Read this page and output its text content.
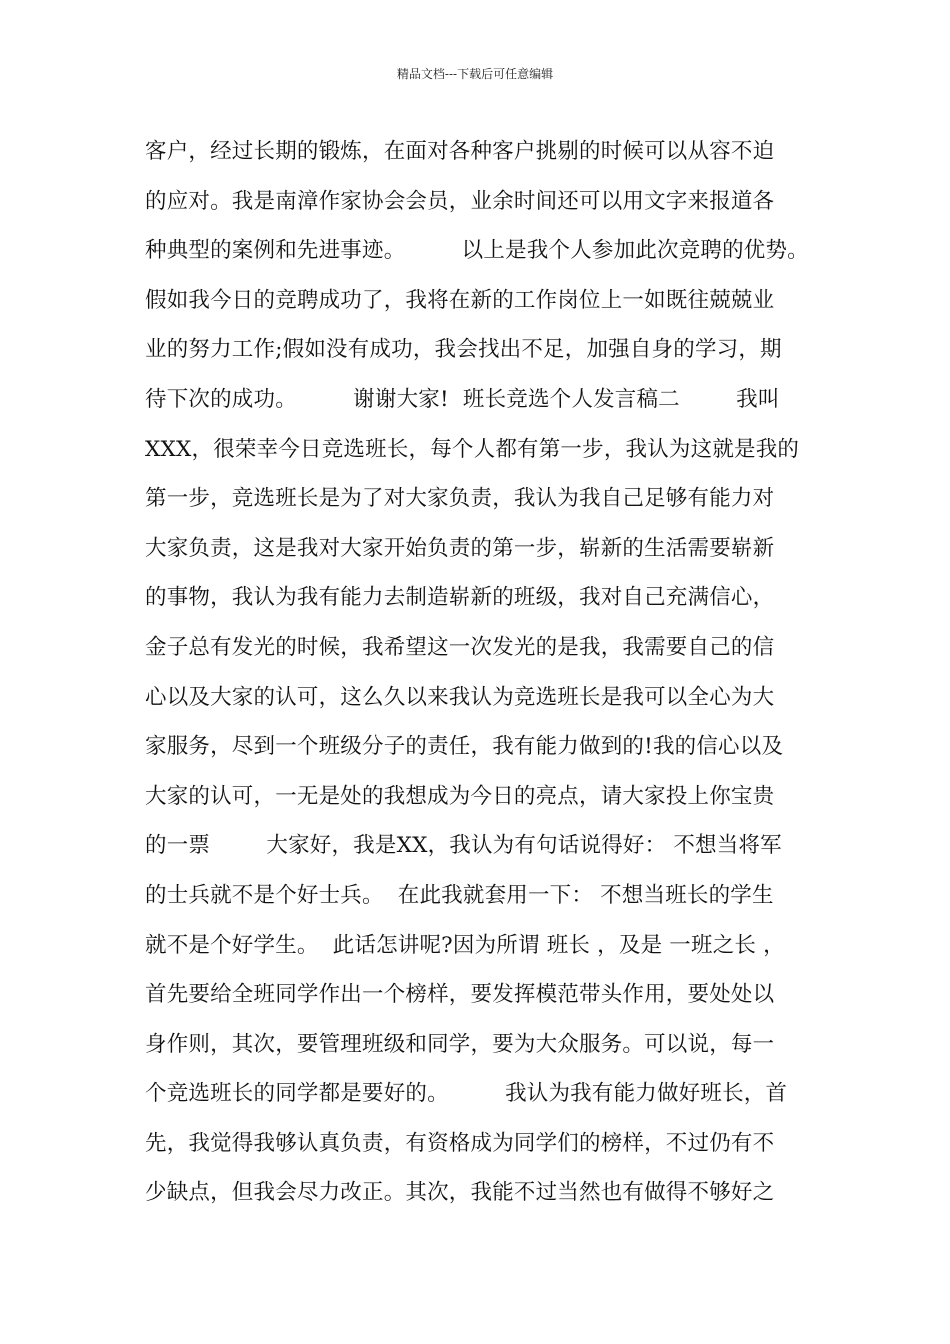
精品文档---下载后可任意编辑
客户，经过长期的锻炼，在面对各种客户挑剔的时候可以从容不迫
的应对。我是南漳作家协会会员，业余时间还可以用文字来报道各
种典型的案例和先进事迹。        以上是我个人参加此次竞聘的优势。
假如我今日的竞聘成功了，我将在新的工作岗位上一如既往兢兢业
业的努力工作;假如没有成功，我会找出不足，加强自身的学习，期
待下次的成功。        谢谢大家!  班长竞选个人发言稿二        我叫
XXX，很荣幸今日竞选班长，每个人都有第一步，我认为这就是我的
第一步，竞选班长是为了对大家负责，我认为我自己足够有能力对
大家负责，这是我对大家开始负责的第一步，崭新的生活需要崭新
的事物，我认为我有能力去制造崭新的班级，我对自己充满信心，
金子总有发光的时候，我希望这一次发光的是我，我需要自己的信
心以及大家的认可，这么久以来我认为竞选班长是我可以全心为大
家服务，尽到一个班级分子的责任，我有能力做到的!我的信心以及
大家的认可，一无是处的我想成为今日的亮点，请大家投上你宝贵
的一票        大家好，我是XX，我认为有句话说得好： 不想当将军
的士兵就不是个好士兵。  在此我就套用一下： 不想当班长的学生
就不是个好学生。  此话怎讲呢?因为所谓 班长 ，及是 一班之长 ，
首先要给全班同学作出一个榜样，要发挥模范带头作用，要处处以
身作则，其次，要管理班级和同学，要为大众服务。可以说，每一
个竞选班长的同学都是要好的。        我认为我有能力做好班长，首
先，我觉得我够认真负责，有资格成为同学们的榜样，不过仍有不
少缺点，但我会尽力改正。其次，我能不过当然也有做得不够好之
